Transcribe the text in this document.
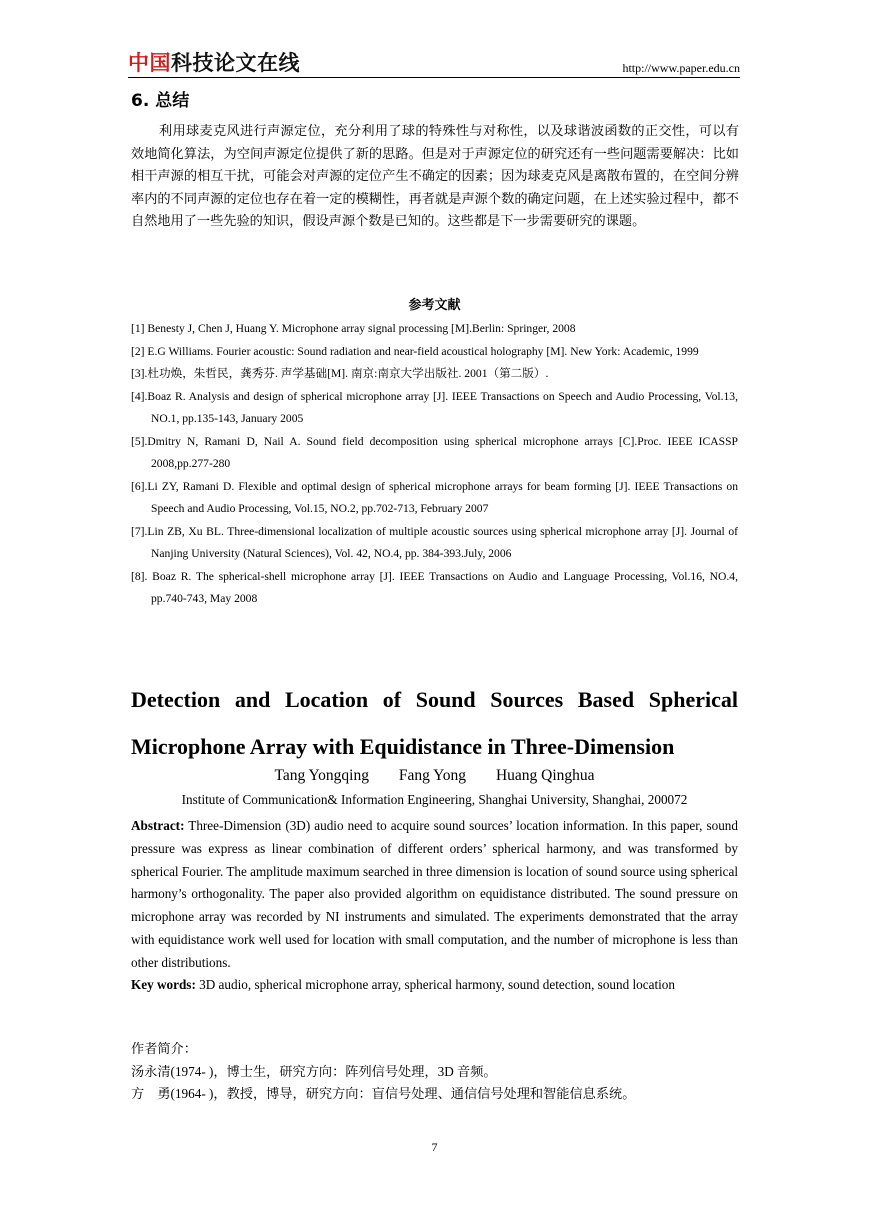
中国科技论文在线	http://www.paper.edu.cn
6. 总结

利用球麦克风进行声源定位，充分利用了球的特殊性与对称性，以及球谐波函数的正交性，可以有效地简化算法，为空间声源定位提供了新的思路。但是对于声源定位的研究还有一些问题需要解决：比如相干声源的相互干扰，可能会对声源的定位产生不确定的因素；因为球麦克风是离散布置的，在空间分辨率内的不同声源的定位也存在着一定的模糊性，再者就是声源个数的确定问题，在上述实验过程中，都不自然地用了一些先验的知识，假设声源个数是已知的。这些都是下一步需要研究的课题。

参考文献
[1] Benesty J, Chen J, Huang Y. Microphone array signal processing [M].Berlin: Springer, 2008
[2] E.G Williams. Fourier acoustic: Sound radiation and near-field acoustical holography [M]. New York: Academic, 1999
[3].杜功焕，朱哲民，龚秀芬. 声学基础[M]. 南京:南京大学出版社. 2001（第二版）.
[4].Boaz R. Analysis and design of spherical microphone array [J]. IEEE Transactions on Speech and Audio Processing, Vol.13, NO.1, pp.135-143, January 2005
[5].Dmitry N, Ramani D, Nail A. Sound field decomposition using spherical microphone arrays [C].Proc. IEEE ICASSP 2008,pp.277-280
[6].Li ZY, Ramani D. Flexible and optimal design of spherical microphone arrays for beam forming [J]. IEEE Transactions on Speech and Audio Processing, Vol.15, NO.2, pp.702-713, February 2007
[7].Lin ZB, Xu BL. Three-dimensional localization of multiple acoustic sources using spherical microphone array [J]. Journal of Nanjing University (Natural Sciences), Vol. 42, NO.4, pp. 384-393.July, 2006
[8]. Boaz R. The spherical-shell microphone array [J]. IEEE Transactions on Audio and Language Processing, Vol.16, NO.4, pp.740-743, May 2008
Detection and Location of Sound Sources Based Spherical Microphone Array with Equidistance in Three-Dimension
Tang Yongqing Fang Yong Huang Qinghua
Institute of Communication& Information Engineering, Shanghai University, Shanghai, 200072

Abstract: Three-Dimension (3D) audio need to acquire sound sources’ location information. In this paper, sound pressure was express as linear combination of different orders’ spherical harmony, and was transformed by spherical Fourier. The amplitude maximum searched in three dimension is location of sound source using spherical harmony’s orthogonality. The paper also provided algorithm on equidistance distributed. The sound pressure on microphone array was recorded by NI instruments and simulated. The experiments demonstrated that the array with equidistance work well used for location with small computation, and the number of microphone is less than other distributions.

Key words: 3D audio, spherical microphone array, spherical harmony, sound detection, sound location

作者简介：
汤永清(1974- )，博士生，研究方向：阵列信号处理，3D 音频。
方　勇(1964- )，教授，博导，研究方向：盲信号处理、通信信号处理和智能信息系统。
7
